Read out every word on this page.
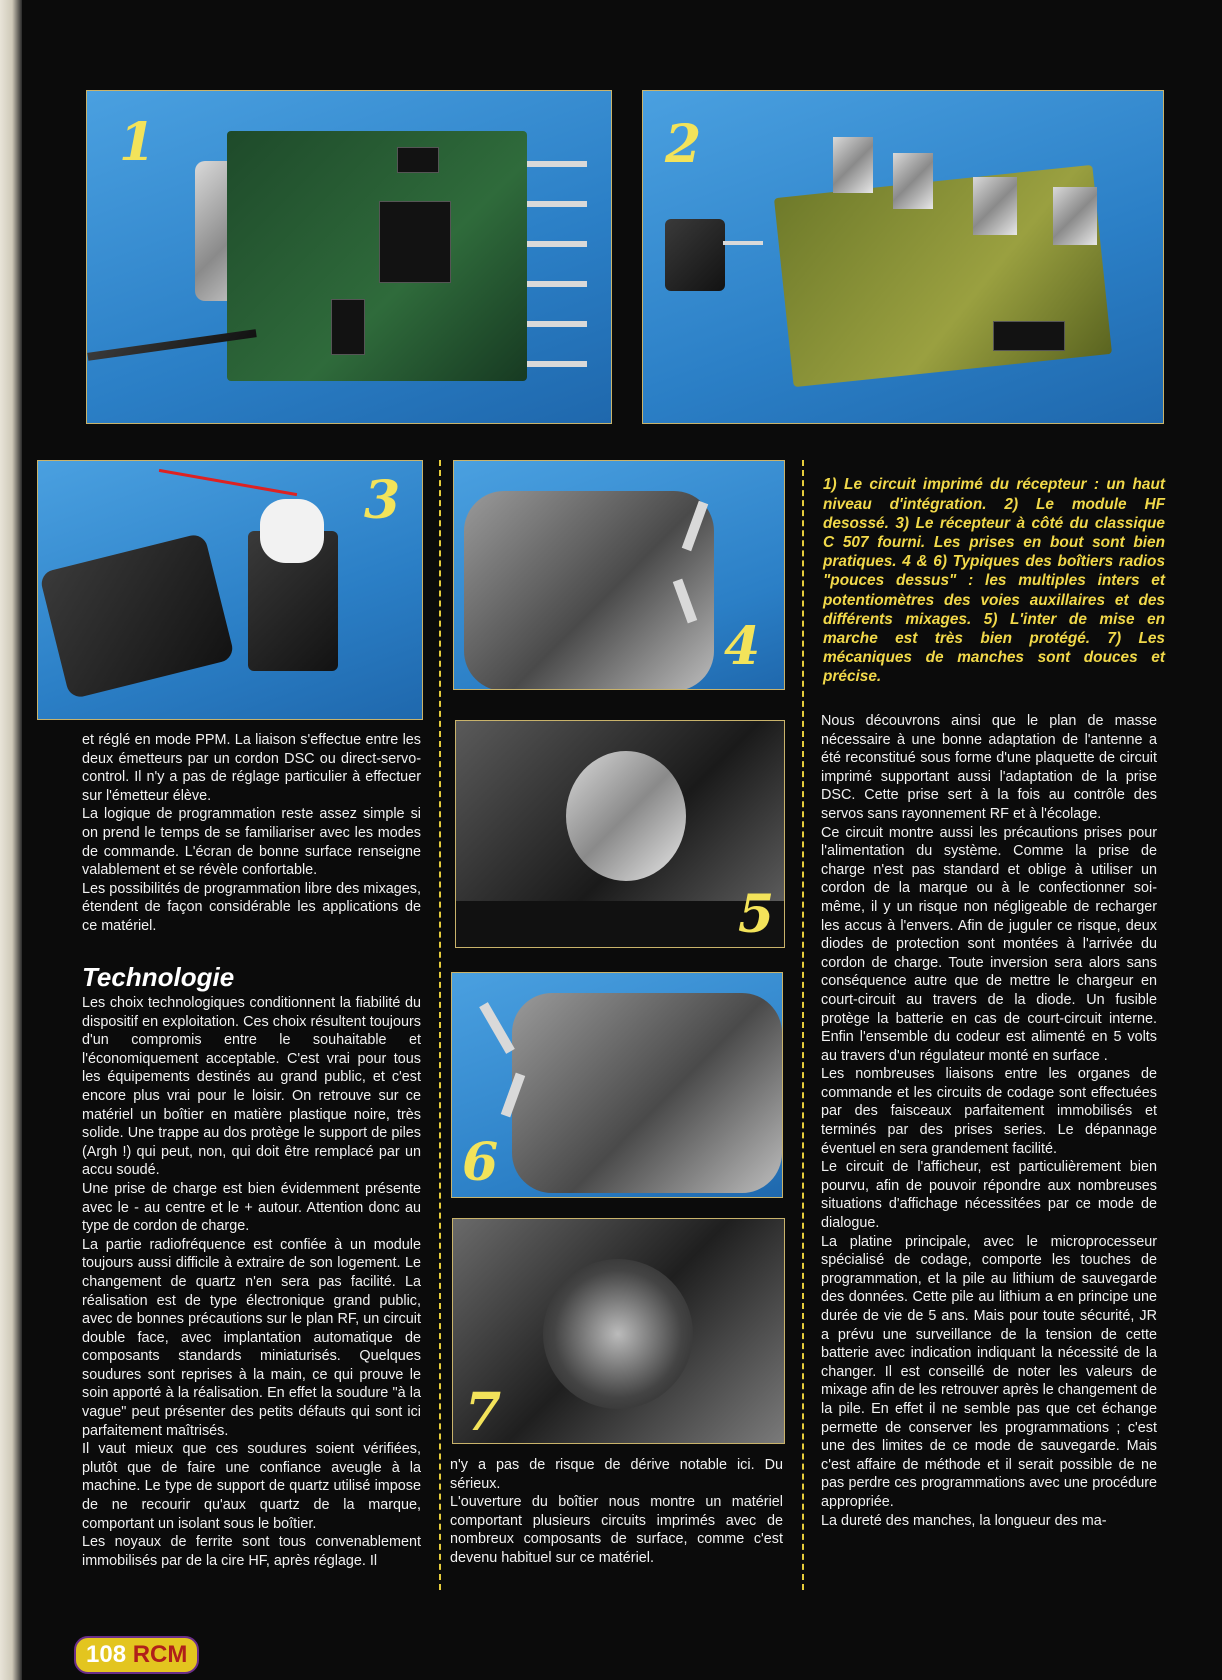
1	2
3
4
5
6
7

1) Le circuit imprimé du récepteur : un haut niveau d'intégration. 2) Le module HF desossé. 3) Le récepteur à côté du classique C 507 fourni. Les prises en bout sont bien pratiques. 4 & 6) Typiques des boîtiers radios "pouces dessus" : les multiples inters et potentiomètres des voies auxillaires et des différents mixages. 5) L'inter de mise en marche est très bien protégé. 7) Les mécaniques de manches sont douces et précise.

et réglé en mode PPM. La liaison s'effectue entre les deux émetteurs par un cordon DSC ou direct-servo-control. Il n'y a pas de réglage particulier à effectuer sur l'émetteur élève.

La logique de programmation reste assez simple si on prend le temps de se familiariser avec les modes de commande. L'écran de bonne surface renseigne valablement et se révèle confortable.

Les possibilités de programmation libre des mixages, étendent de façon considérable les applications de ce matériel.

Technologie

Les choix technologiques conditionnent la fiabilité du dispositif en exploitation. Ces choix résultent toujours d'un compromis entre le souhaitable et l'économiquement acceptable. C'est vrai pour tous les équipements destinés au grand public, et c'est encore plus vrai pour le loisir. On retrouve sur ce matériel un boîtier en matière plastique noire, très solide. Une trappe au dos protège le support de piles (Argh !) qui peut, non, qui doit être remplacé par un accu soudé.

Une prise de charge est bien évidemment présente avec le - au centre et le + autour. Attention donc au type de cordon de charge.

La partie radiofréquence est confiée à un module toujours aussi difficile à extraire de son logement. Le changement de quartz n'en sera pas facilité. La réalisation est de type électronique grand public, avec de bonnes précautions sur le plan RF, un circuit double face, avec implantation automatique de composants standards miniaturisés. Quelques soudures sont reprises à la main, ce qui prouve le soin apporté à la réalisation. En effet la soudure "à la vague" peut présenter des petits défauts qui sont ici parfaitement maîtrisés.

Il vaut mieux que ces soudures soient vérifiées, plutôt que de faire une confiance aveugle à la machine. Le type de support de quartz utilisé impose de ne recourir qu'aux quartz de la marque, comportant un isolant sous le boîtier.

Les noyaux de ferrite sont tous convenablement immobilisés par de la cire HF, après réglage. Il

n'y a pas de risque de dérive notable ici. Du sérieux.

L'ouverture du boîtier nous montre un matériel comportant plusieurs circuits imprimés avec de nombreux composants de surface, comme c'est devenu habituel sur ce matériel.

Nous découvrons ainsi que le plan de masse nécessaire à une bonne adaptation de l'antenne a été reconstitué sous forme d'une plaquette de circuit imprimé supportant aussi l'adaptation de la prise DSC. Cette prise sert à la fois au contrôle des servos sans rayonnement RF et à l'écolage.

Ce circuit montre aussi les précautions prises pour l'alimentation du système. Comme la prise de charge n'est pas standard et oblige à utiliser un cordon de la marque ou à le confectionner soi-même, il y un risque non négligeable de recharger les accus à l'envers. Afin de juguler ce risque, deux diodes de protection sont montées à l'arrivée du cordon de charge. Toute inversion sera alors sans conséquence autre que de mettre le chargeur en court-circuit au travers de la diode. Un fusible protège la batterie en cas de court-circuit interne. Enfin l'ensemble du codeur est alimenté en 5 volts au travers d'un régulateur monté en surface .

Les nombreuses liaisons entre les organes de commande et les circuits de codage sont effectuées par des faisceaux parfaitement immobilisés et terminés par des prises series. Le dépannage éventuel en sera grandement facilité.

Le circuit de l'afficheur, est particulièrement bien pourvu, afin de pouvoir répondre aux nombreuses situations d'affichage nécessitées par ce mode de dialogue.

La platine principale, avec le microprocesseur spécialisé de codage, comporte les touches de programmation, et la pile au lithium de sauvegarde des données. Cette pile au lithium a en principe une durée de vie de 5 ans. Mais pour toute sécurité, JR a prévu une surveillance de la tension de cette batterie avec indication indiquant la nécessité de la changer. Il est conseillé de noter les valeurs de mixage afin de les retrouver après le changement de la pile. En effet il ne semble pas que cet échange permette de conserver les programmations ; c'est une des limites de ce mode de sauvegarde. Mais c'est affaire de méthode et il serait possible de ne pas perdre ces programmations avec une procédure appropriée.

La dureté des manches, la longueur des ma-

108 RCM
